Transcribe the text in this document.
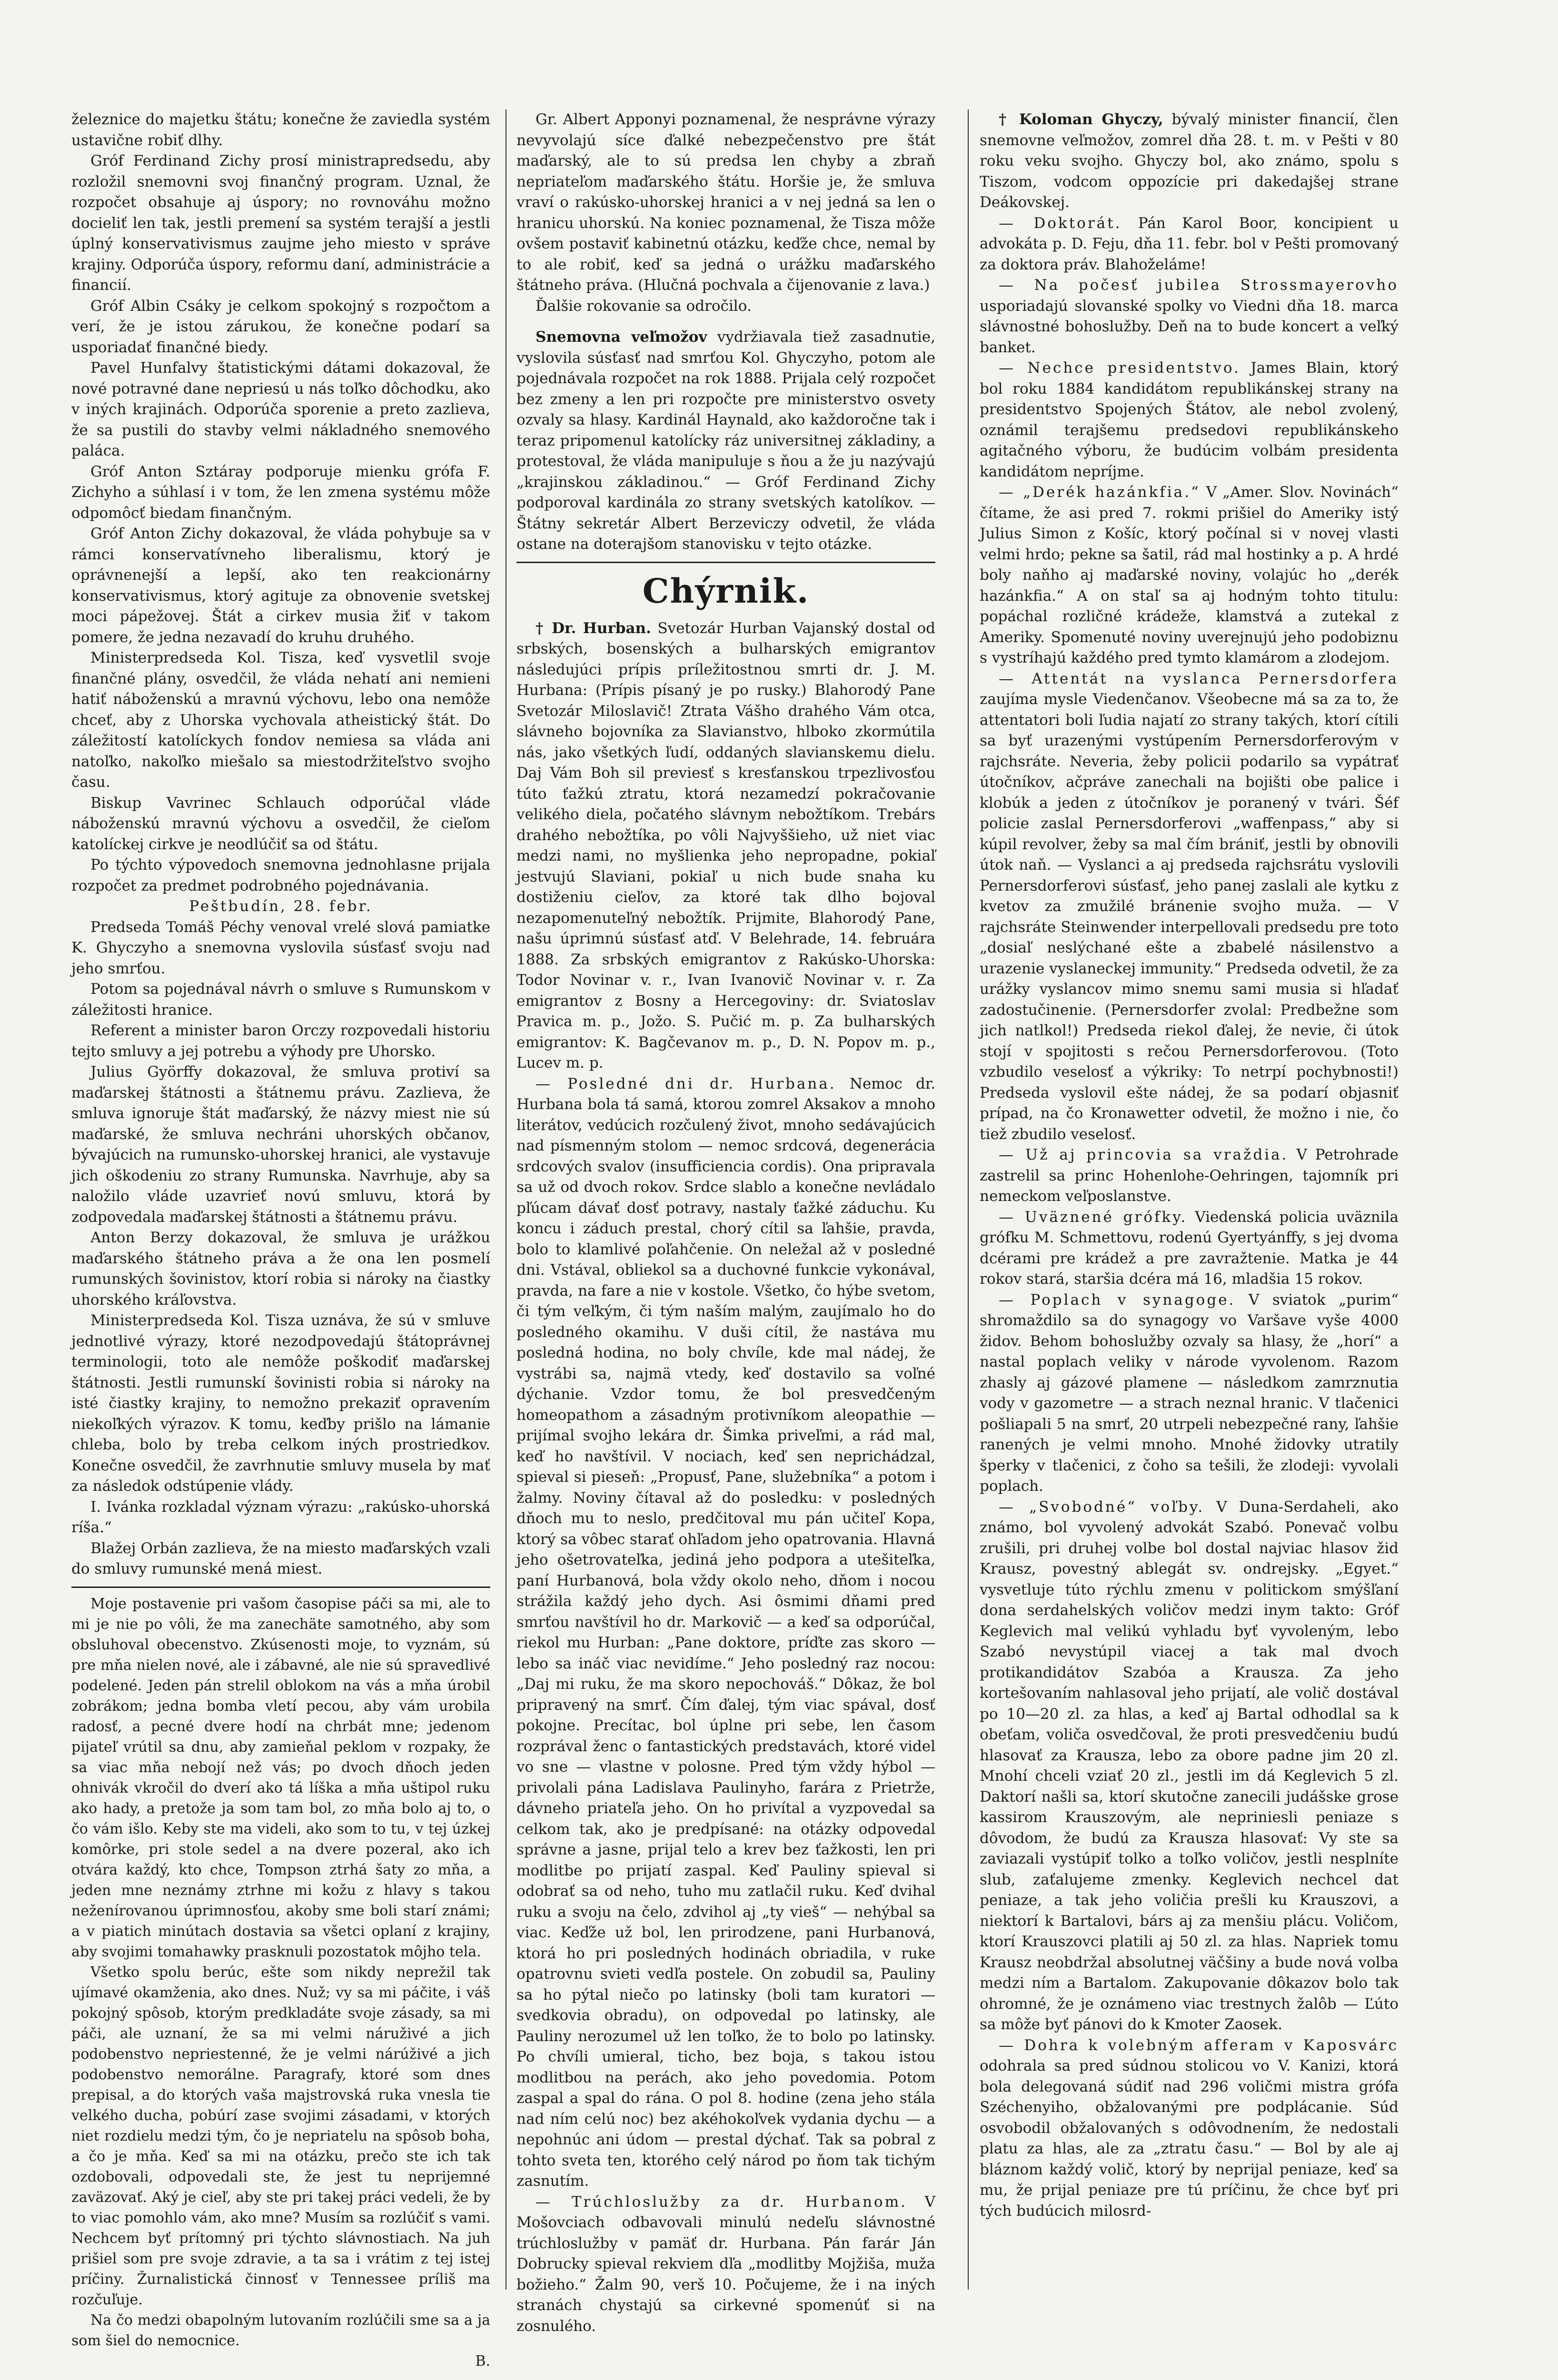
železnice do majetku štátu; konečne že zaviedla systém ustavične robiť dlhy.

Gróf Ferdinand Zichy prosí ministrapredsedu, aby rozložil snemovni svoj finančný program. Uznal, že rozpočet obsahuje aj úspory; no rovnováhu možno docieliť len tak, jestli premení sa systém terajší a jestli úplný konservativismus zaujme jeho miesto v správe krajiny. Odporúča úspory, reformu daní, administrácie a financií.

Gróf Albin Csáky je celkom spokojný s rozpočtom a verí, že je istou zárukou, že konečne podarí sa usporiadať finančné biedy.

Pavel Hunfalvy štatistickými dátami dokazoval, že nové potravné dane nepriesú u nás toľko dôchodku, ako v iných krajinách. Odporúča sporenie a preto zazlieva, že sa pustili do stavby velmi nákladného snemového paláca.

Gróf Anton Sztáray podporuje mienku grófa F. Zichyho a súhlasí i v tom, že len zmena systému môže odpomôcť biedam finančným.

Gróf Anton Zichy dokazoval, že vláda pohybuje sa v rámci konservatívneho liberalismu, ktorý je oprávnenejší a lepší, ako ten reakcionárny konservativismus, ktorý agituje za obnovenie svetskej moci pápežovej. Štát a cirkev musia žiť v takom pomere, že jedna nezavadí do kruhu druhého.

Ministerpredseda Kol. Tisza, keď vysvetlil svoje finančné plány, osvedčil, že vláda nehatí ani nemieni hatiť náboženskú a mravnú výchovu, lebo ona nemôže chceť, aby z Uhorska vychovala atheistický štát. Do záležitostí katolíckych fondov nemiesa sa vláda ani natoľko, nakoľko miešalo sa miestodržiteľstvo svojho času.

Biskup Vavrinec Schlauch odporúčal vláde náboženskú mravnú výchovu a osvedčil, že cieľom katolíckej cirkve je neodlúčiť sa od štátu.

Po týchto výpovedoch snemovna jednohlasne prijala rozpočet za predmet podrobného pojednávania.

Peštbudín, 28. febr.

Predseda Tomáš Péchy venoval vrelé slová pamiatke K. Ghyczyho a snemovna vyslovila súsťasť svoju nad jeho smrťou.

Potom sa pojednával návrh o smluve s Rumunskom v záležitosti hranice.

Referent a minister baron Orczy rozpovedali historiu tejto smluvy a jej potrebu a výhody pre Uhorsko.

Julius Györffy dokazoval, že smluva protiví sa maďarskej štátnosti a štátnemu právu. Zazlieva, že smluva ignoruje štát maďarský, že názvy miest nie sú maďarské, že smluva nechráni uhorských občanov, bývajúcich na rumunsko-uhorskej hranici, ale vystavuje jich oškodeniu zo strany Rumunska. Navrhuje, aby sa naložilo vláde uzavrieť novú smluvu, ktorá by zodpovedala maďarskej štátnosti a štátnemu právu.

Anton Berzy dokazoval, že smluva je urážkou maďarského štátneho práva a že ona len posmelí rumunských šovinistov, ktorí robia si nároky na čiastky uhorského kráľovstva.

Ministerpredseda Kol. Tisza uznáva, že sú v smluve jednotlivé výrazy, ktoré nezodpovedajú štátoprávnej terminologii, toto ale nemôže poškodiť maďarskej štátnosti. Jestli rumunskí šovinisti robia si nároky na isté čiastky krajiny, to nemožno prekaziť opravením niekoľkých výrazov. K tomu, keďby prišlo na lámanie chleba, bolo by treba celkom iných prostriedkov. Konečne osvedčil, že zavrhnutie smluvy musela by mať za následok odstúpenie vlády.

I. Ivánka rozkladal význam výrazu: „rakúsko-uhorská ríša.“

Blažej Orbán zazlieva, že na miesto maďarských vzali do smluvy rumunské mená miest.

Moje postavenie pri vašom časopise páči sa mi, ale to mi je nie po vôli, že ma zanechäte samotného, aby som obsluhoval obecenstvo. Zkúsenosti moje, to vyznám, sú pre mňa nielen nové, ale i zábavné, ale nie sú spravedlivé podelené. Jeden pán strelil oblokom na vás a mňa úrobil zobrákom; jedna bomba vletí pecou, aby vám urobila radosť, a pecné dvere hodí na chrbát mne; jedenom pijateľ vrútil sa dnu, aby zamieňal peklom v rozpaky, že sa viac mňa nebojí než vás; po dvoch dňoch jeden ohnivák vkročil do dverí ako tá líška a mňa uštipol ruku ako hady, a pretože ja som tam bol, zo mňa bolo aj to, o čo vám išlo. Keby ste ma videli, ako som to tu, v tej úzkej komôrke, pri stole sedel a na dvere pozeral, ako ich otvára každý, kto chce, Tompson ztrhá šaty zo mňa, a jeden mne neznámy ztrhne mi kožu z hlavy s takou neženírovanou úprimnosťou, akoby sme boli starí známi; a v piatich minútach dostavia sa všetci oplaní z krajiny, aby svojimi tomahawky prasknuli pozostatok môjho tela.

Všetko spolu berúc, ešte som nikdy neprežil tak ujímavé okamženia, ako dnes. Nuž; vy sa mi páčite, i váš pokojný spôsob, ktorým predkladáte svoje zásady, sa mi páči, ale uznaní, že sa mi velmi náruživé a jich podobenstvo nepriestenné, že je velmi nárúživé a jich podobenstvo nemorálne. Paragrafy, ktoré som dnes prepisal, a do ktorých vaša majstrovská ruka vnesla tie velkého ducha, pobúrí zase svojimi zásadami, v ktorých niet rozdielu medzi tým, čo je nepriatelu na spôsob boha, a čo je mňa. Keď sa mi na otázku, prečo ste ich tak ozdobovali, odpovedali ste, že jest tu neprijemné zaväzovať. Aký je cieľ, aby ste pri takej práci vedeli, že by to viac pomohlo vám, ako mne? Musím sa rozlúčiť s vami. Nechcem byť prítomný pri týchto slávnostiach. Na juh prišiel som pre svoje zdravie, a ta sa i vrátim z tej istej príčiny. Žurnalistická činnosť v Tennessee príliš ma rozčuľuje.

Na čo medzi obapolným lutovaním rozlúčili sme sa a ja som šiel do nemocnice.

B.

Gr. Albert Apponyi poznamenal, že nesprávne výrazy nevyvolajú síce ďalké nebezpečenstvo pre štát maďarský, ale to sú predsa len chyby a zbraň nepriateľom maďarského štátu. Horšie je, že smluva vraví o rakúsko-uhorskej hranici a v nej jedná sa len o hranicu uhorskú. Na koniec poznamenal, že Tisza môže ovšem postaviť kabinetnú otázku, keďže chce, nemal by to ale robiť, keď sa jedná o urážku maďarského štátneho práva. (Hlučná pochvala a čijenovanie z lava.)

Ďalšie rokovanie sa odročilo.

Snemovna veľmožov vydržiavala tiež zasadnutie, vyslovila súsťasť nad smrťou Kol. Ghyczyho, potom ale pojednávala rozpočet na rok 1888. Prijala celý rozpočet bez zmeny a len pri rozpočte pre ministerstvo osvety ozvaly sa hlasy. Kardinál Haynald, ako každoročne tak i teraz pripomenul katolícky ráz universitnej základiny, a protestoval, že vláda manipuluje s ňou a že ju nazývajú „krajinskou základinou.“ — Gróf Ferdinand Zichy podporoval kardinála zo strany svetských katolíkov. — Štátny sekretár Albert Berzeviczy odvetil, že vláda ostane na doterajšom stanovisku v tejto otázke.

Chýrnik.

† Dr. Hurban. Svetozár Hurban Vajanský dostal od srbských, bosenských a bulharských emigrantov následujúci prípis príležitostnou smrti dr. J. M. Hurbana: (Prípis písaný je po rusky.) Blahorodý Pane Svetozár Miloslavič! Ztrata Vášho drahého Vám otca, slávneho bojovníka za Slavianstvo, hlboko zkormútila nás, jako všetkých ľudí, oddaných slavianskemu dielu. Daj Vám Boh sil previesť s kresťanskou trpezlivosťou túto ťažkú ztratu, ktorá nezamedzí pokračovanie velikého diela, počatého slávnym nebožtíkom. Trebárs drahého nebožtíka, po vôli Najvyššieho, už niet viac medzi nami, no myšlienka jeho nepropadne, pokiaľ jestvujú Slaviani, pokiaľ u nich bude snaha ku dostiženiu cieľov, za ktoré tak dlho bojoval nezapomenuteľný nebožtík. Prijmite, Blahorodý Pane, našu úprimnú súsťasť atď. V Belehrade, 14. februára 1888. Za srbských emigrantov z Rakúsko-Uhorska: Todor Novinar v. r., Ivan Ivanovič Novinar v. r. Za emigrantov z Bosny a Hercegoviny: dr. Sviatoslav Pravica m. p., Jožo. S. Pučić m. p. Za bulharských emigrantov: K. Bagčevanov m. p., D. N. Popov m. p., Lucev m. p.

— Posledné dni dr. Hurbana. Nemoc dr. Hurbana bola tá samá, ktorou zomrel Aksakov a mnoho literátov, vedúcich rozčulený život, mnoho sedávajúcich nad písmenným stolom — nemoc srdcová, degenerácia srdcových svalov (insufficiencia cordis). Ona pripravala sa už od dvoch rokov. Srdce slablo a konečne nevládalo pľúcam dávať dosť potravy, nastaly ťažké záduchu. Ku koncu i záduch prestal, chorý cítil sa ľahšie, pravda, bolo to klamlivé poľahčenie. On neležal až v posledné dni. Vstával, obliekol sa a duchovné funkcie vykonával, pravda, na fare a nie v kostole. Všetko, čo hýbe svetom, či tým veľkým, či tým naším malým, zaujímalo ho do posledného okamihu. V duši cítil, že nastáva mu posledná hodina, no boly chvíle, kde mal nádej, že vystrábi sa, najmä vtedy, keď dostavilo sa voľné dýchanie. Vzdor tomu, že bol presvedčeným homeopathom a zásadným protivníkom aleopathie — prijímal svojho lekára dr. Šimka priveľmi, a rád mal, keď ho navštívil. V nociach, keď sen neprichádzal, spieval si pieseň: „Propusť, Pane, služebníka“ a potom i žalmy. Noviny čítaval až do posledku: v posledných dňoch mu to neslo, predčitoval mu pán učiteľ Kopa, ktorý sa vôbec starať ohľadom jeho opatrovania. Hlavná jeho ošetrovateľka, jediná jeho podpora a utešiteľka, paní Hurbanová, bola vždy okolo neho, dňom i nocou strážila každý jeho dych. Asi ôsmimi dňami pred smrťou navštívil ho dr. Markovič — a keď sa odporúčal, riekol mu Hurban: „Pane doktore, príďte zas skoro — lebo sa ináč viac nevidíme.“ Jeho posledný raz nocou: „Daj mi ruku, že ma skoro nepochováš.“ Dôkaz, že bol pripravený na smrť. Čím ďalej, tým viac spával, dosť pokojne. Precítac, bol úplne pri sebe, len časom rozprával ženc o fantastických predstavách, ktoré videl vo sne — vlastne v polosne. Pred tým vždy hýbol — privolali pána Ladislava Paulinyho, farára z Prietrže, dávneho priateľa jeho. On ho privítal a vyzpovedal sa celkom tak, ako je predpísané: na otázky odpovedal správne a jasne, prijal telo a krev bez ťažkosti, len pri modlitbe po prijatí zaspal. Keď Pauliny spieval si odobrať sa od neho, tuho mu zatlačil ruku. Keď dvihal ruku a svoju na čelo, zdvihol aj „ty vieš“ — nehýbal sa viac. Keďže už bol, len prirodzene, pani Hurbanová, ktorá ho pri posledných hodinách obriadila, v ruke opatrovnu svieti vedľa postele. On zobudil sa, Pauliny sa ho pýtal niečo po latinsky (boli tam kuratori — svedkovia obradu), on odpovedal po latinsky, ale Pauliny nerozumel už len toľko, že to bolo po latinsky. Po chvíli umieral, ticho, bez boja, s takou istou modlitbou na perách, ako jeho povedomia. Potom zaspal a spal do rána. O pol 8. hodine (zena jeho stála nad ním celú noc) bez akéhokoľvek vydania dychu — a nepohnúc ani údom — prestal dýchať. Tak sa pobral z tohto sveta ten, ktorého celý národ po ňom tak tichým zasnutím.

— Trúchloslužby za dr. Hurbanom. V Mošovciach odbavovali minulú nedeľu slávnostné trúchloslužby v pamäť dr. Hurbana. Pán farár Ján Dobrucky spieval rekviem dľa „modlitby Mojžiša, muža božieho.“ Žalm 90, verš 10. Počujeme, že i na iných stranách chystajú sa cirkevné spomenúť si na zosnulého.

† Koloman Ghyczy, bývalý minister financií, člen snemovne veľmožov, zomrel dňa 28. t. m. v Pešti v 80 roku veku svojho. Ghyczy bol, ako známo, spolu s Tiszom, vodcom oppozície pri dakedajšej strane Deákovskej.

— Doktorát. Pán Karol Boor, koncipient u advokáta p. D. Feju, dňa 11. febr. bol v Pešti promovaný za doktora práv. Blahoželáme!

— Na počesť jubilea Strossmayerovho usporiadajú slovanské spolky vo Viedni dňa 18. marca slávnostné bohoslužby. Deň na to bude koncert a veľký banket.

— Nechce presidentstvo. James Blain, ktorý bol roku 1884 kandidátom republikánskej strany na presidentstvo Spojených Štátov, ale nebol zvolený, oznámil terajšemu predsedovi republikánskeho agitačného výboru, že budúcim volbám presidenta kandidátom nepríjme.

— „Derék hazánkfia.“ V „Amer. Slov. Novinách“ čítame, že asi pred 7. rokmi prišiel do Ameriky istý Julius Simon z Košíc, ktorý počínal si v novej vlasti velmi hrdo; pekne sa šatil, rád mal hostinky a p. A hrdé boly naňho aj maďarské noviny, volajúc ho „derék hazánkfia.“ A on staľ sa aj hodným tohto titulu: popáchal rozličné krádeže, klamstvá a zutekal z Ameriky. Spomenuté noviny uverejnujú jeho podobiznu s vystríhajú každého pred tymto klamárom a zlodejom.

— Attentát na vyslanca Pernersdorfera zaujíma mysle Viedenčanov. Všeobecne má sa za to, že attentatori boli ľudia najatí zo strany takých, ktorí cítili sa byť urazenými vystúpením Pernersdorferovým v rajchsráte. Neveria, žeby policii podarilo sa vypátrať útočníkov, ačpráve zanechali na bojišti obe palice i klobúk a jeden z útočníkov je poranený v tvári. Šéf policie zaslal Pernersdorferovi „waffenpass,“ aby si kúpil revolver, žeby sa mal čím brániť, jestli by obnovili útok naň. — Vyslanci a aj predseda rajchsrátu vyslovili Pernersdorferovi súsťasť, jeho panej zaslali ale kytku z kvetov za zmužilé bránenie svojho muža. — V rajchsráte Steinwender interpellovali predsedu pre toto „dosiaľ neslýchané ešte a zbabelé násilenstvo a urazenie vyslaneckej immunity.“ Predseda odvetil, že za urážky vyslancov mimo snemu sami musia si hľadať zadostučinenie. (Pernersdorfer zvolal: Predbežne som jich natlkol!) Predseda riekol ďalej, že nevie, či útok stojí v spojitosti s rečou Pernersdorferovou. (Toto vzbudilo veselosť a výkriky: To netrpí pochybnosti!) Predseda vyslovil ešte nádej, že sa podarí objasniť prípad, na čo Kronawetter odvetil, že možno i nie, čo tiež zbudilo veselosť.

— Už aj princovia sa vraždia. V Petrohrade zastrelil sa princ Hohenlohe-Oehringen, tajomník pri nemeckom veľposlanstve.

— Uväznené grófky. Viedenská policia uväznila grófku M. Schmettovu, rodenú Gyertyánffy, s jej dvoma dcérami pre krádež a pre zavražtenie. Matka je 44 rokov stará, staršia dcéra má 16, mladšia 15 rokov.

— Poplach v synagoge. V sviatok „purim“ shromaždilo sa do synagogy vo Varšave vyše 4000 židov. Behom bohoslužby ozvaly sa hlasy, že „horí“ a nastal poplach veliky v národe vyvolenom. Razom zhasly aj gázové plamene — následkom zamrznutia vody v gazometre — a strach neznal hranic. V tlačenici pošliapali 5 na smrť, 20 utrpeli nebezpečné rany, ľahšie ranených je velmi mnoho. Mnohé židovky utratily šperky v tlačenici, z čoho sa tešili, že zlodeji: vyvolali poplach.

— „Svobodné“ voľby. V Duna-Serdaheli, ako známo, bol vyvolený advokát Szabó. Ponevač volbu zrušili, pri druhej volbe bol dostal najviac hlasov žid Krausz, povestný ablegát sv. ondrejsky. „Egyet.“ vysvetluje túto rýchlu zmenu v politickom smýšľaní dona serdahelských voličov medzi inym takto: Gróf Keglevich mal velikú vyhladu byť vyvoleným, lebo Szabó nevystúpil viacej a tak mal dvoch protikandidátov Szabóa a Krausza. Za jeho kortešovaním nahlasoval jeho prijatí, ale volič dostával po 10—20 zl. za hlas, a keď aj Bartal odhodlal sa k obeťam, voliča osvedčoval, že proti presvedčeniu budú hlasovať za Krausza, lebo za obore padne jim 20 zl. Mnohí chceli vziať 20 zl., jestli im dá Keglevich 5 zl. Daktorí našli sa, ktorí skutočne zanecili judášske grose kassirom Krauszovým, ale nepriniesli peniaze s dôvodom, že budú za Krausza hlasovať: Vy ste sa zaviazali vystúpiť tolko a toľko voličov, jestli nesplníte slub, zaťalujeme zmenky. Keglevich nechcel dat peniaze, a tak jeho voličia prešli ku Krauszovi, a niektorí k Bartalovi, bárs aj za menšiu plácu. Voličom, ktorí Krauszovci platili aj 50 zl. za hlas. Napriek tomu Krausz neobdržal absolutnej väčšiny a bude nová volba medzi ním a Bartalom. Zakupovanie dôkazov bolo tak ohromné, že je oznámeno viac trestnych žalôb — Ľúto sa môže byť pánovi do k Kmoter Zaosek.

— Dohra k volebným afferam v Kaposvárc odohrala sa pred súdnou stolicou vo V. Kanizi, ktorá bola delegovaná súdiť nad 296 voličmi mistra grófa Széchenyiho, obžalovanými pre podplácanie. Súd osvobodil obžalovaných s odôvodnením, že nedostali platu za hlas, ale za „ztratu času.“ — Bol by ale aj bláznom každý volič, ktorý by neprijal peniaze, keď sa mu, že prijal peniaze pre tú príčinu, že chce byť pri tých budúcich milosrd-
